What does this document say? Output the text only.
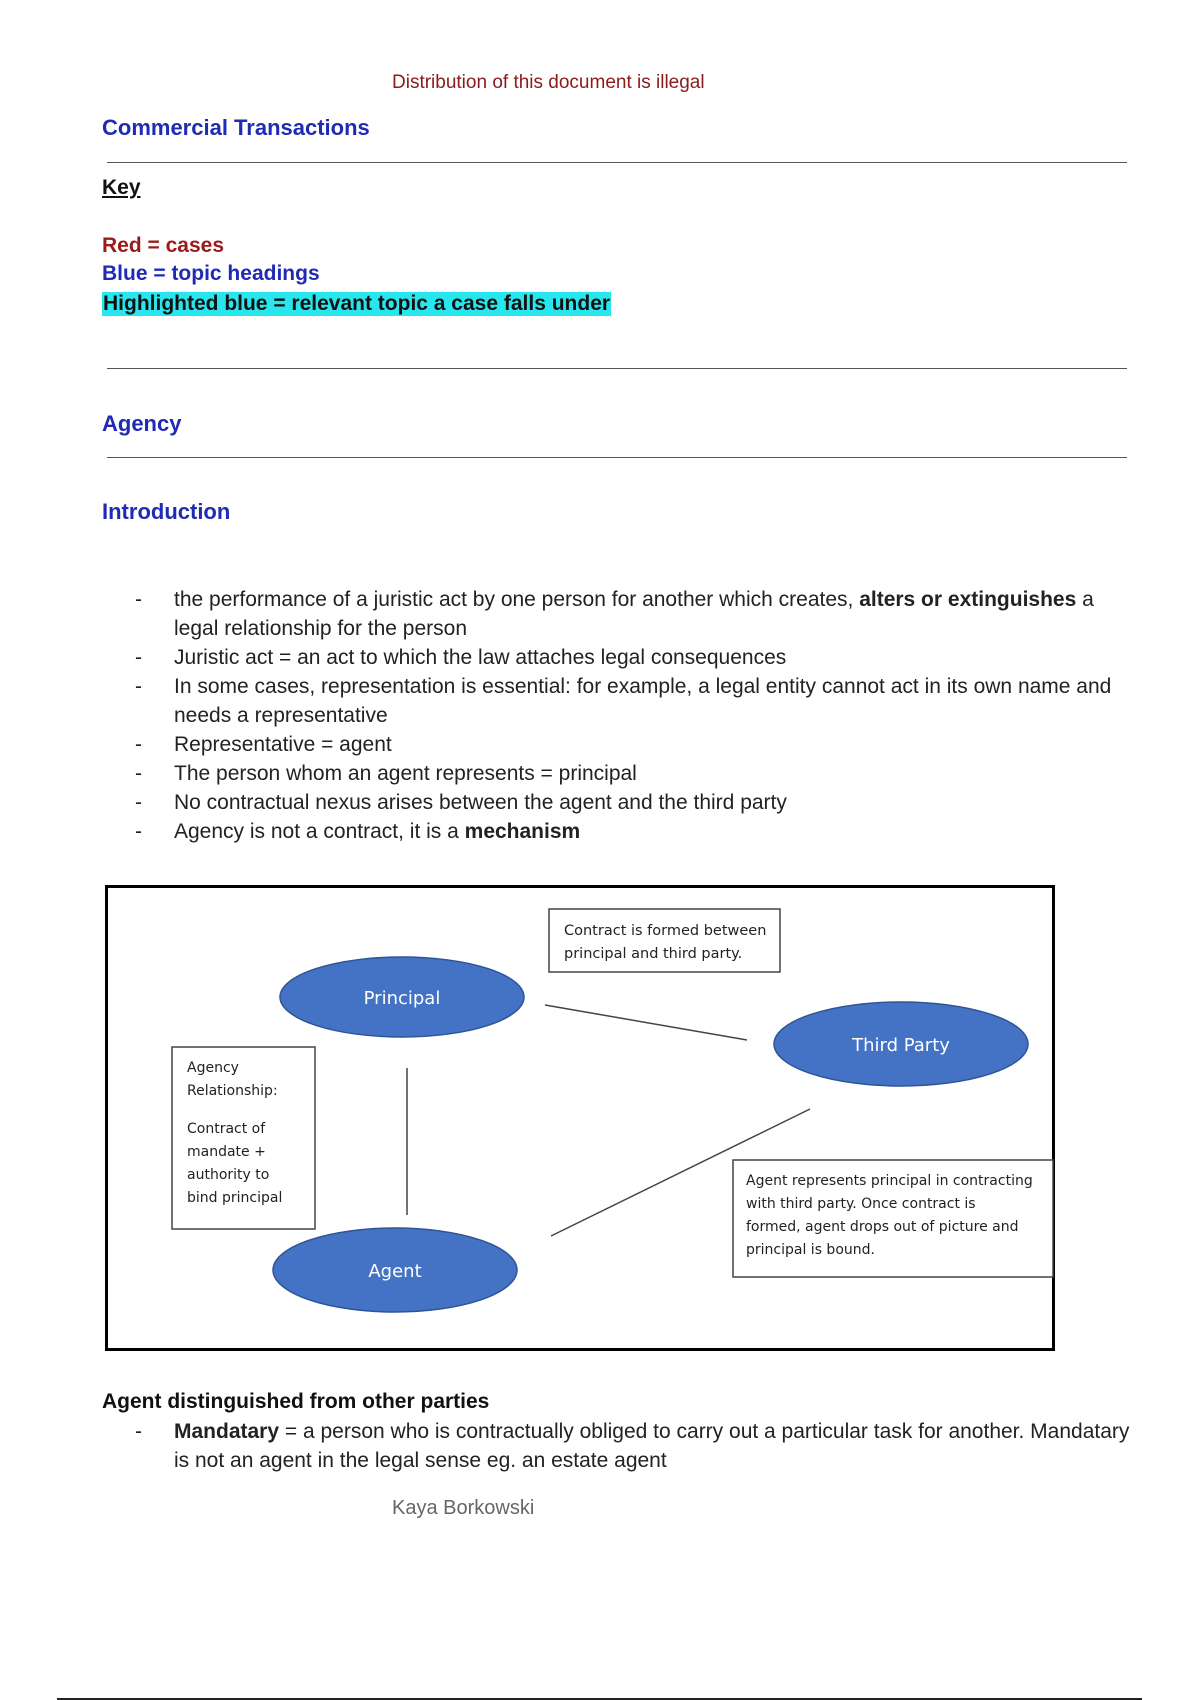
Distribution of this document is illegal
Commercial Transactions
Key
Red = cases
Blue = topic headings
Highlighted blue = relevant topic a case falls under
Agency
Introduction
- the performance of a juristic act by one person for another which creates, alters or extinguishes a legal relationship for the person
- Juristic act = an act to which the law attaches legal consequences
- In some cases, representation is essential: for example, a legal entity cannot act in its own name and needs a representative
- Representative = agent
- The person whom an agent represents = principal
- No contractual nexus arises between the agent and the third party
- Agency is not a contract, it is a mechanism
Contract is formed between
principal and third party.
Principal
Third Party
Agent
Agency
Relationship:
Contract of
mandate +
authority to
bind principal
Agent represents principal in contracting
with third party. Once contract is
formed, agent drops out of picture and
principal is bound.
Agent distinguished from other parties
- Mandatary = a person who is contractually obliged to carry out a particular task for another. Mandatary is not an agent in the legal sense eg. an estate agent
Kaya Borkowski
